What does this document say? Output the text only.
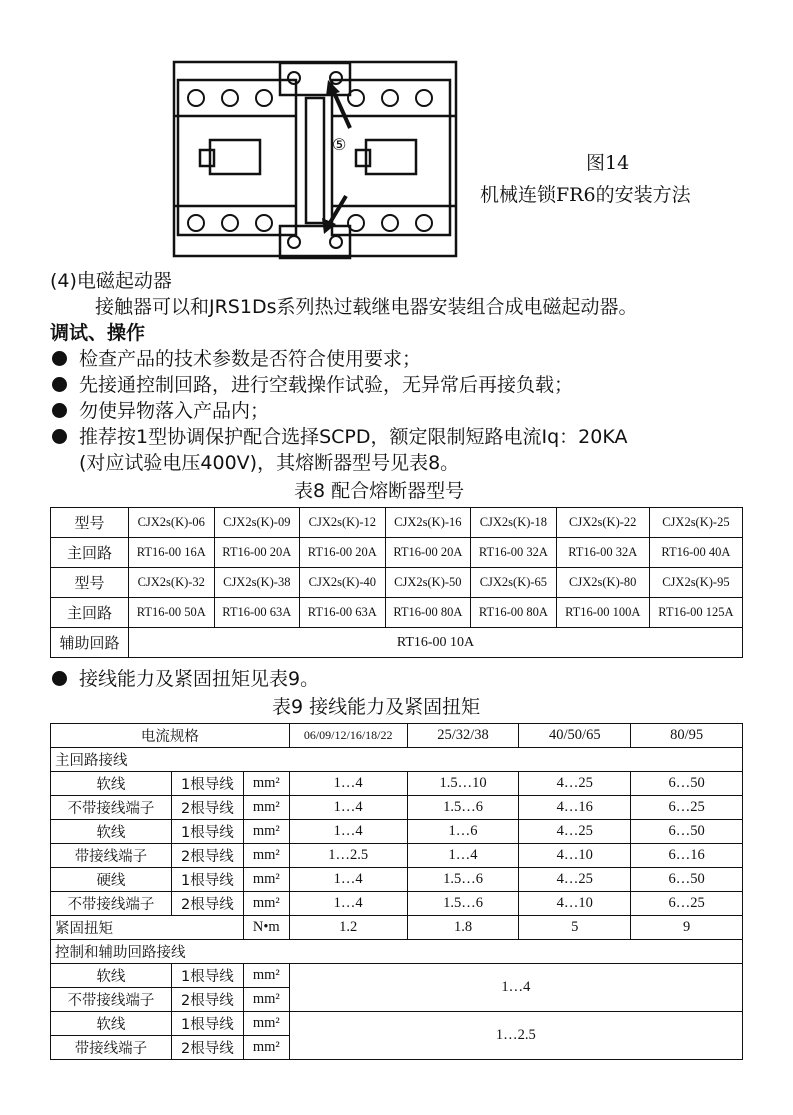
⑤
图14
机械连锁FR6的安装方法
(4)电磁起动器
接触器可以和JRS1Ds系列热过载继电器安装组合成电磁起动器。
调试、操作
检查产品的技术参数是否符合使用要求；
先接通控制回路，进行空载操作试验，无异常后再接负载；
勿使异物落入产品内；
推荐按1型协调保护配合选择SCPD，额定限制短路电流Iq：20KA
(对应试验电压400V)，其熔断器型号见表8。
表8 配合熔断器型号
型号	CJX2s(K)-06	CJX2s(K)-09	CJX2s(K)-12	CJX2s(K)-16	CJX2s(K)-18	CJX2s(K)-22	CJX2s(K)-25
主回路	RT16-00 16A	RT16-00 20A	RT16-00 20A	RT16-00 20A	RT16-00 32A	RT16-00 32A	RT16-00 40A
型号	CJX2s(K)-32	CJX2s(K)-38	CJX2s(K)-40	CJX2s(K)-50	CJX2s(K)-65	CJX2s(K)-80	CJX2s(K)-95
主回路	RT16-00 50A	RT16-00 63A	RT16-00 63A	RT16-00 80A	RT16-00 80A	RT16-00 100A	RT16-00 125A
辅助回路	RT16-00 10A						
接线能力及紧固扭矩见表9。
表9 接线能力及紧固扭矩
电流规格			06/09/12/16/18/22	25/32/38	40/50/65	80/95
主回路接线						
软线	1根导线	mm²	1…4	1.5…10	4…25	6…50
不带接线端子	2根导线	mm²	1…4	1.5…6	4…16	6…25
软线	1根导线	mm²	1…4	1…6	4…25	6…50
带接线端子	2根导线	mm²	1…2.5	1…4	4…10	6…16
硬线	1根导线	mm²	1…4	1.5…6	4…25	6…50
不带接线端子	2根导线	mm²	1…4	1.5…6	4…10	6…25
紧固扭矩		N•m	1.2	1.8	5	9
控制和辅助回路接线						
软线	1根导线	mm²	1…4			
不带接线端子	2根导线	mm²				
软线	1根导线	mm²	1…2.5			
带接线端子	2根导线	mm²				
